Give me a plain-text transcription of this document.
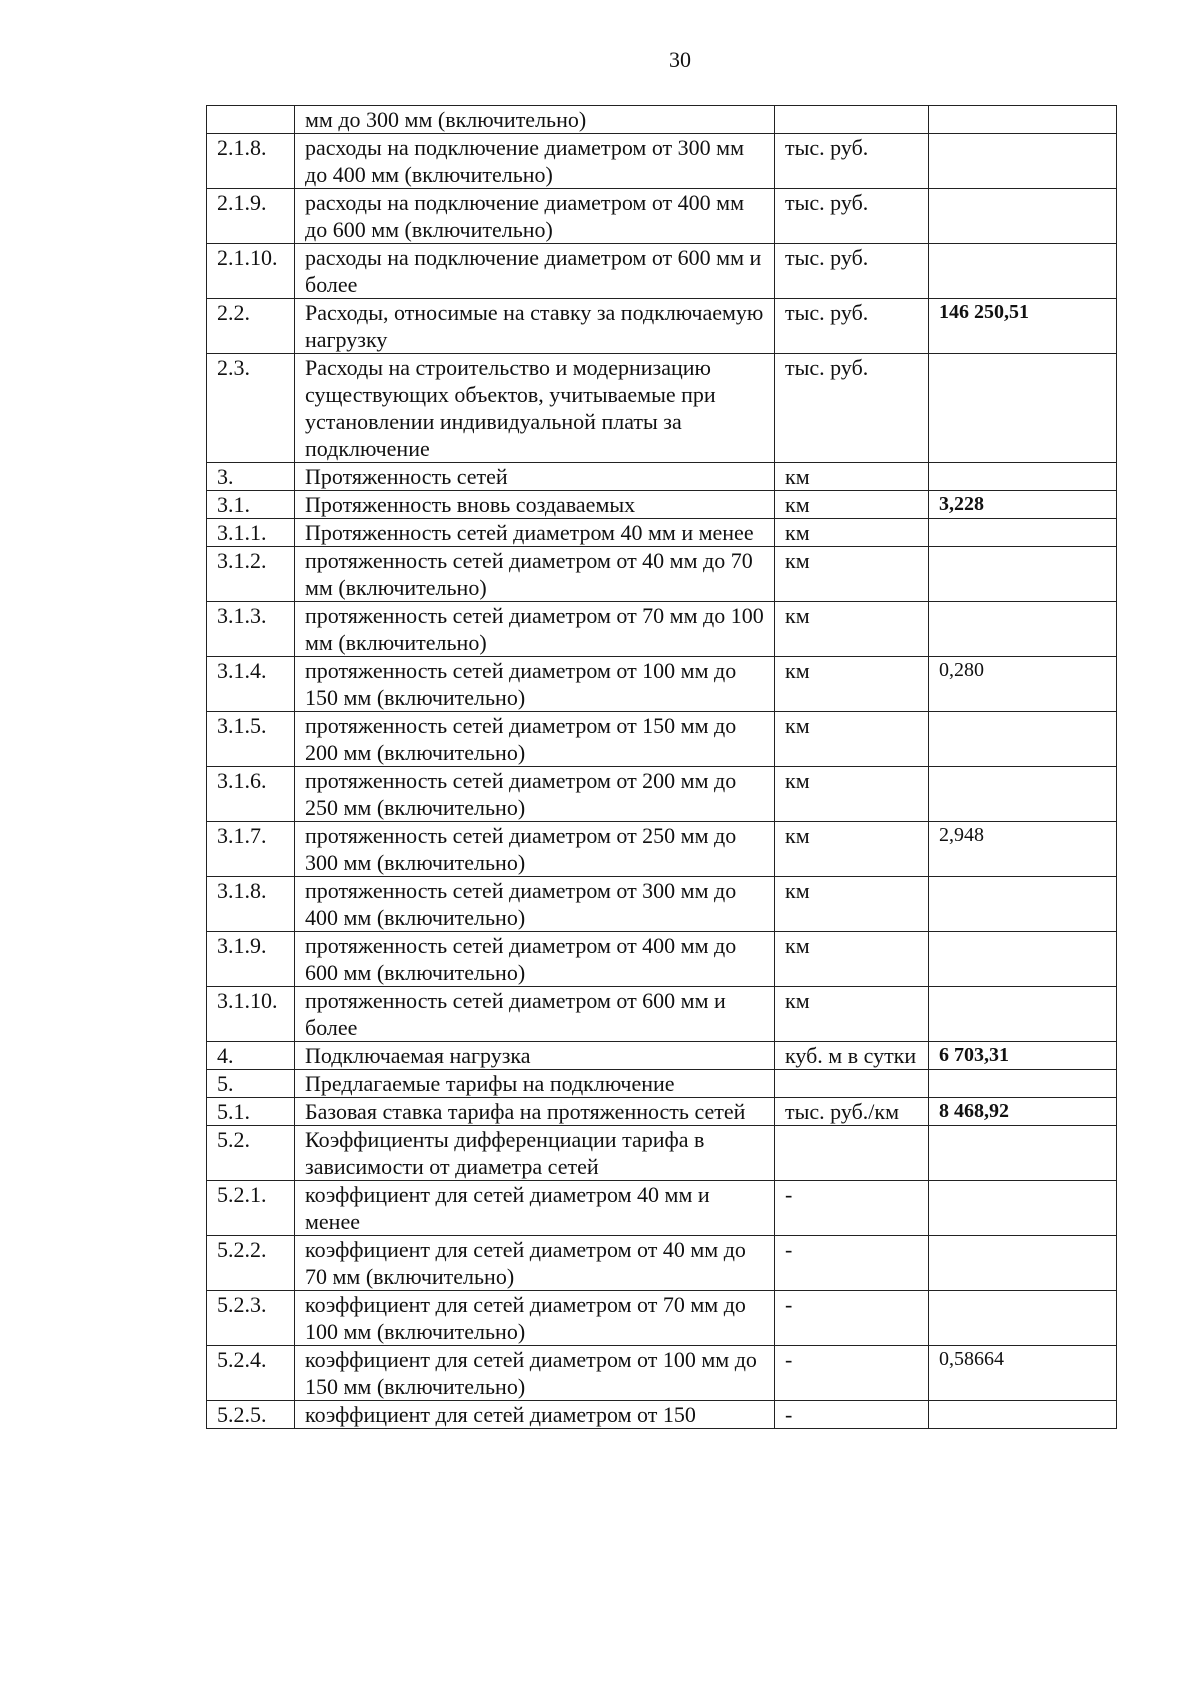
30
	мм до 300 мм (включительно)		
2.1.8.	расходы на подключение диаметром от 300 мм до 400 мм (включительно)	тыс. руб.	
2.1.9.	расходы на подключение диаметром от 400 мм до 600 мм (включительно)	тыс. руб.	
2.1.10.	расходы на подключение диаметром от 600 мм и более	тыс. руб.	
2.2.	Расходы, относимые на ставку за подключаемую нагрузку	тыс. руб.	146 250,51
2.3.	Расходы на строительство и модернизацию существующих объектов, учитываемые при установлении индивидуальной платы за подключение	тыс. руб.	
3.	Протяженность сетей	км	
3.1.	Протяженность вновь создаваемых	км	3,228
3.1.1.	Протяженность сетей диаметром 40 мм и менее	км	
3.1.2.	протяженность сетей диаметром от 40 мм до 70 мм (включительно)	км	
3.1.3.	протяженность сетей диаметром от 70 мм до 100 мм (включительно)	км	
3.1.4.	протяженность сетей диаметром от 100 мм до 150 мм (включительно)	км	0,280
3.1.5.	протяженность сетей диаметром от 150 мм до 200 мм (включительно)	км	
3.1.6.	протяженность сетей диаметром от 200 мм до 250 мм (включительно)	км	
3.1.7.	протяженность сетей диаметром от 250 мм до 300 мм (включительно)	км	2,948
3.1.8.	протяженность сетей диаметром от 300 мм до 400 мм (включительно)	км	
3.1.9.	протяженность сетей диаметром от 400 мм до 600 мм (включительно)	км	
3.1.10.	протяженность сетей диаметром от 600 мм и более	км	
4.	Подключаемая нагрузка	куб. м в сутки	6 703,31
5.	Предлагаемые тарифы на подключение		
5.1.	Базовая ставка тарифа на протяженность сетей	тыс. руб./км	8 468,92
5.2.	Коэффициенты дифференциации тарифа в зависимости от диаметра сетей		
5.2.1.	коэффициент для сетей диаметром 40 мм и менее	-	
5.2.2.	коэффициент для сетей диаметром от 40 мм до 70 мм (включительно)	-	
5.2.3.	коэффициент для сетей диаметром от 70 мм до 100 мм (включительно)	-	
5.2.4.	коэффициент для сетей диаметром от 100 мм до 150 мм (включительно)	-	0,58664
5.2.5.	коэффициент для сетей диаметром от 150	-	
